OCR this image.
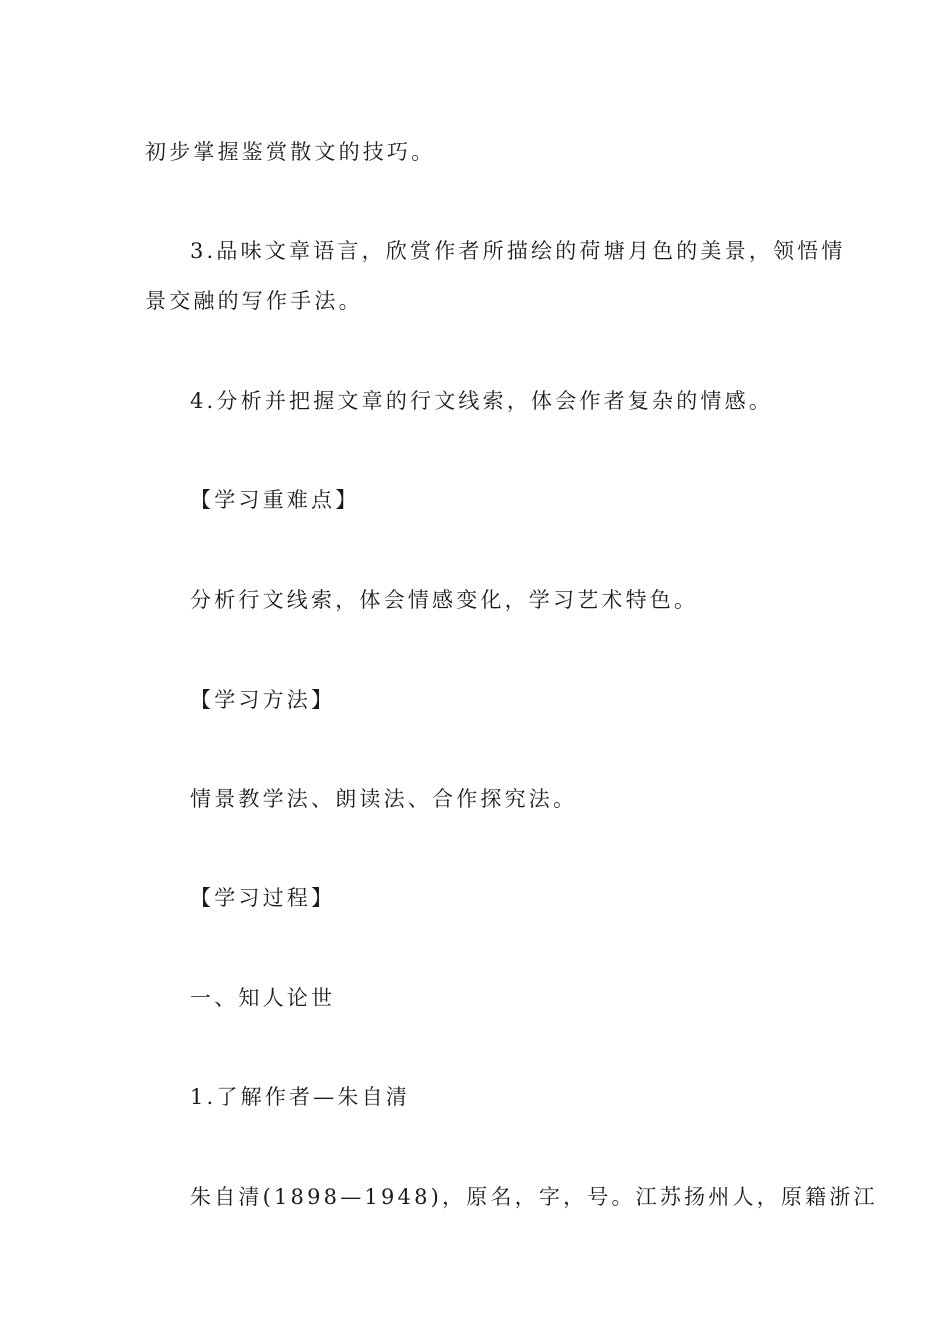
初步掌握鉴赏散文的技巧。
3.品味文章语言，欣赏作者所描绘的荷塘月色的美景，领悟情
景交融的写作手法。
4.分析并把握文章的行文线索，体会作者复杂的情感。
【学习重难点】
分析行文线索，体会情感变化，学习艺术特色。
【学习方法】
情景教学法、朗读法、合作探究法。
【学习过程】
一、知人论世
1.了解作者—朱自清
朱自清(1898—1948)，原名，字，号。江苏扬州人，原籍浙江
